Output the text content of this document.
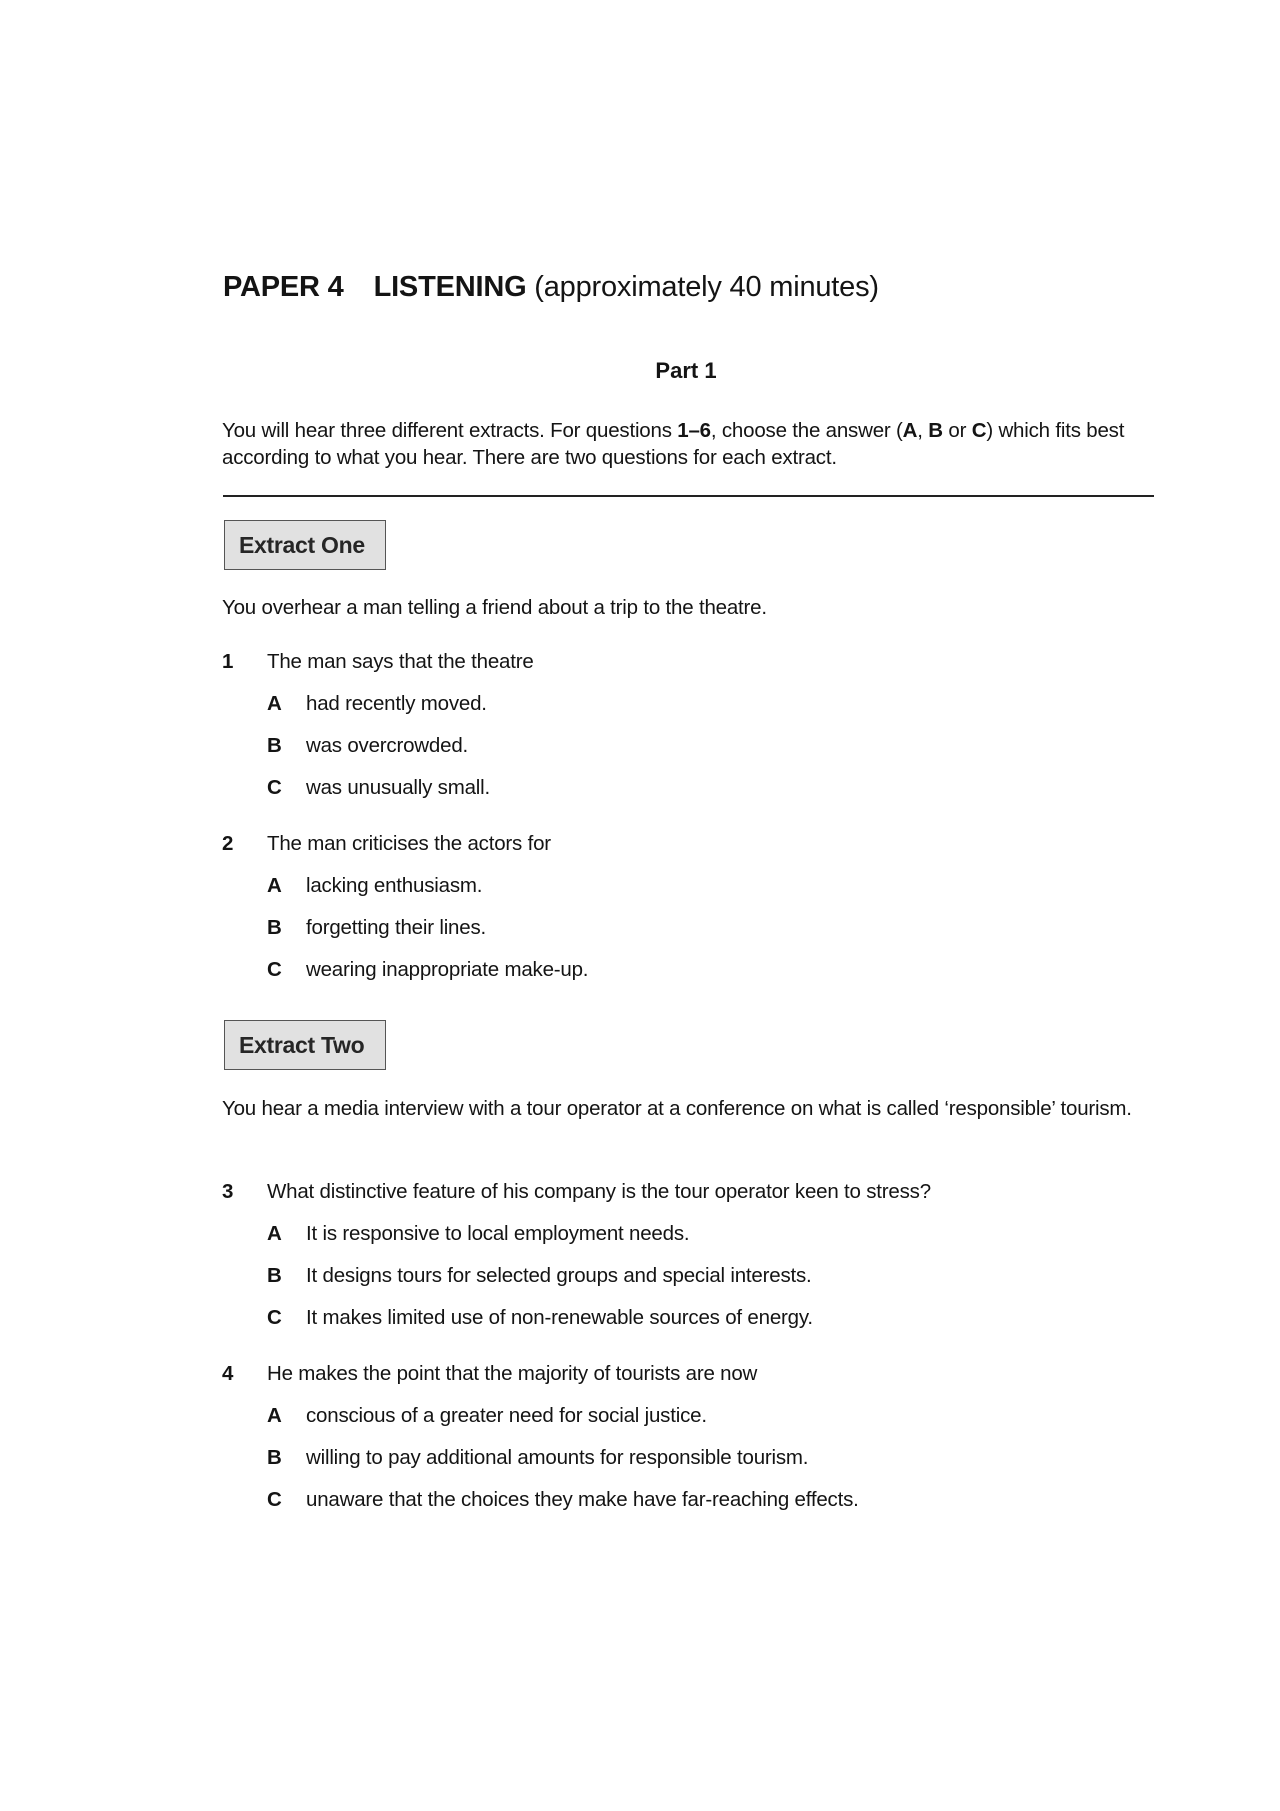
PAPER 4 LISTENING (approximately 40 minutes)
Part 1
You will hear three different extracts. For questions 1–6, choose the answer (A, B or C) which fits best according to what you hear. There are two questions for each extract.
Extract One
You overhear a man telling a friend about a trip to the theatre.
1 The man says that the theatre
A had recently moved.
B was overcrowded.
C was unusually small.
2 The man criticises the actors for
A lacking enthusiasm.
B forgetting their lines.
C wearing inappropriate make-up.
Extract Two
You hear a media interview with a tour operator at a conference on what is called ‘responsible’ tourism.
3 What distinctive feature of his company is the tour operator keen to stress?
A It is responsive to local employment needs.
B It designs tours for selected groups and special interests.
C It makes limited use of non-renewable sources of energy.
4 He makes the point that the majority of tourists are now
A conscious of a greater need for social justice.
B willing to pay additional amounts for responsible tourism.
C unaware that the choices they make have far-reaching effects.
